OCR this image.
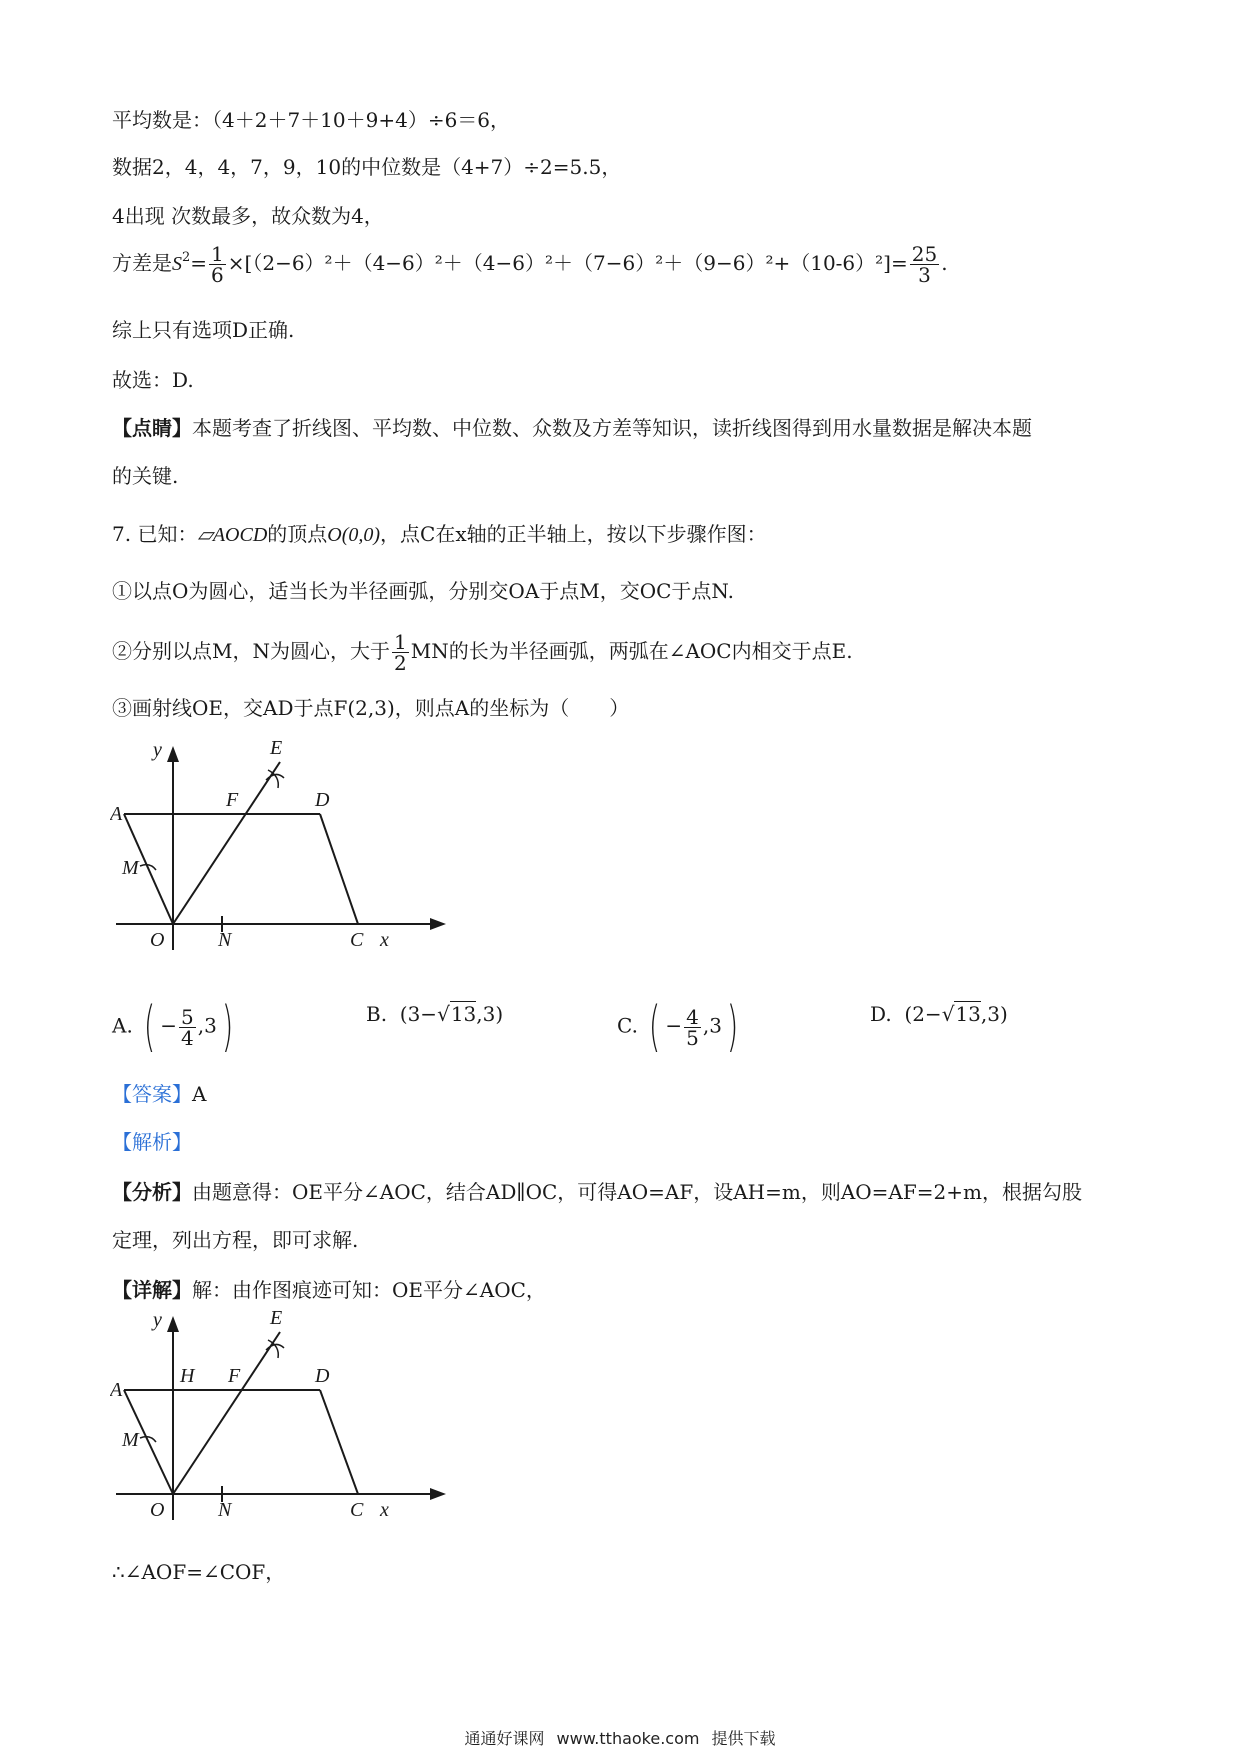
平均数是：（4＋2＋7＋10＋9+4）÷6＝6，
数据2，4，4，7，9，10的中位数是（4+7）÷2=5.5，
4出现 次数最多，故众数为4，
方差是$S^2= \frac{1}{6} \times[(2-6)^2+(4-6)^2+(4-6)^2+(7-6)^2+(9-6)^2+(10-6)^2]= \frac{25}{3}$ .
综上只有选项D正确.
故选：D.
【点睛】本题考查了折线图、平均数、中位数、众数及方差等知识，读折线图得到用水量数据是解决本题
的关键.
7. 已知：▱AOCD的顶点O(0,0)，点C在x轴的正半轴上，按以下步骤作图：
①以点O为圆心，适当长为半径画弧，分别交OA于点M，交OC于点N.
②分别以点M，N为圆心，大于 $\frac{1}{2}$ MN的长为半径画弧，两弧在∠AOC内相交于点E.
③画射线OE，交AD于点F(2,3)，则点A的坐标为（　　）
y
x
A
D
E
F
M
O	N	C
A. ( − $\frac{5}{4} ,3$)	B. (3−√13,3)	C. ( − $\frac{4}{5} ,3$)	D. (2−√13,3)
【答案】A
【解析】
【分析】由题意得：OE平分∠AOC，结合AD∥OC，可得AO=AF，设AH=m，则AO=AF=2+m，根据勾股
定理，列出方程，即可求解.
【详解】解：由作图痕迹可知：OE平分∠AOC，
y
x
A
H	D
E
F
M
O	N	C
∴∠AOF=∠COF，
通通好课网 www.tthaoke.com 提供下载
